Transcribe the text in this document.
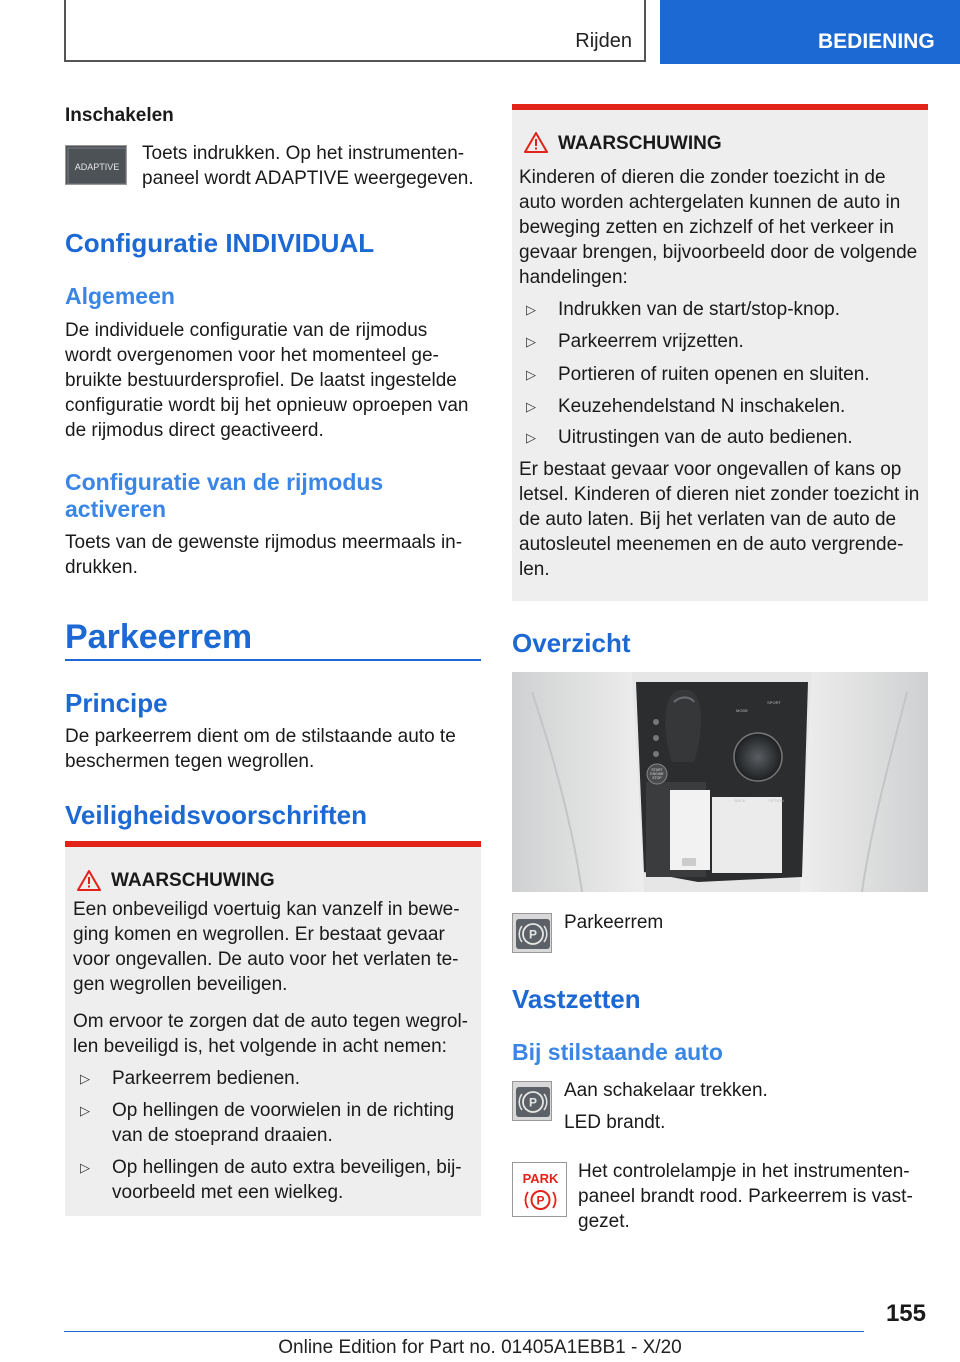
Rijden	BEDIENING
Inschakelen
ADAPTIVE
Toets indrukken. Op het instrumenten-
paneel wordt ADAPTIVE weergegeven.
Configuratie INDIVIDUAL
Algemeen
De individuele configuratie van de rijmodus
wordt overgenomen voor het momenteel ge-
bruikte bestuurdersprofiel. De laatst ingestelde
configuratie wordt bij het opnieuw oproepen van
de rijmodus direct geactiveerd.
Configuratie van de rijmodus
activeren
Toets van de gewenste rijmodus meermaals in-
drukken.
Parkeerrem
Principe
De parkeerrem dient om de stilstaande auto te
beschermen tegen wegrollen.
Veiligheidsvoorschriften
WAARSCHUWING
Een onbeveiligd voertuig kan vanzelf in bewe-
ging komen en wegrollen. Er bestaat gevaar
voor ongevallen. De auto voor het verlaten te-
gen wegrollen beveiligen.
Om ervoor te zorgen dat de auto tegen wegrol-
len beveiligd is, het volgende in acht nemen:
▷ Parkeerrem bedienen.
▷ Op hellingen de voorwielen in de richting
van de stoeprand draaien.
▷ Op hellingen de auto extra beveiligen, bij-
voorbeeld met een wielkeg.
WAARSCHUWING
Kinderen of dieren die zonder toezicht in de
auto worden achtergelaten kunnen de auto in
beweging zetten en zichzelf of het verkeer in
gevaar brengen, bijvoorbeeld door de volgende
handelingen:
▷ Indrukken van de start/stop-knop.
▷ Parkeerrem vrijzetten.
▷ Portieren of ruiten openen en sluiten.
▷ Keuzehendelstand N inschakelen.
▷ Uitrustingen van de auto bedienen.
Er bestaat gevaar voor ongevallen of kans op
letsel. Kinderen of dieren niet zonder toezicht in
de auto laten. Bij het verlaten van de auto de
autosleutel meenemen en de auto vergrende-
len.
Overzicht
START
ENGINE
STOP
MODE
SPORT
BACK	OPTION
P
Parkeerrem
Vastzetten
Bij stilstaande auto
P
Aan schakelaar trekken.
LED brandt.
PARK
P
Het controlelampje in het instrumenten-
paneel brandt rood. Parkeerrem is vast-
gezet.
155
Online Edition for Part no. 01405A1EBB1 - X/20
